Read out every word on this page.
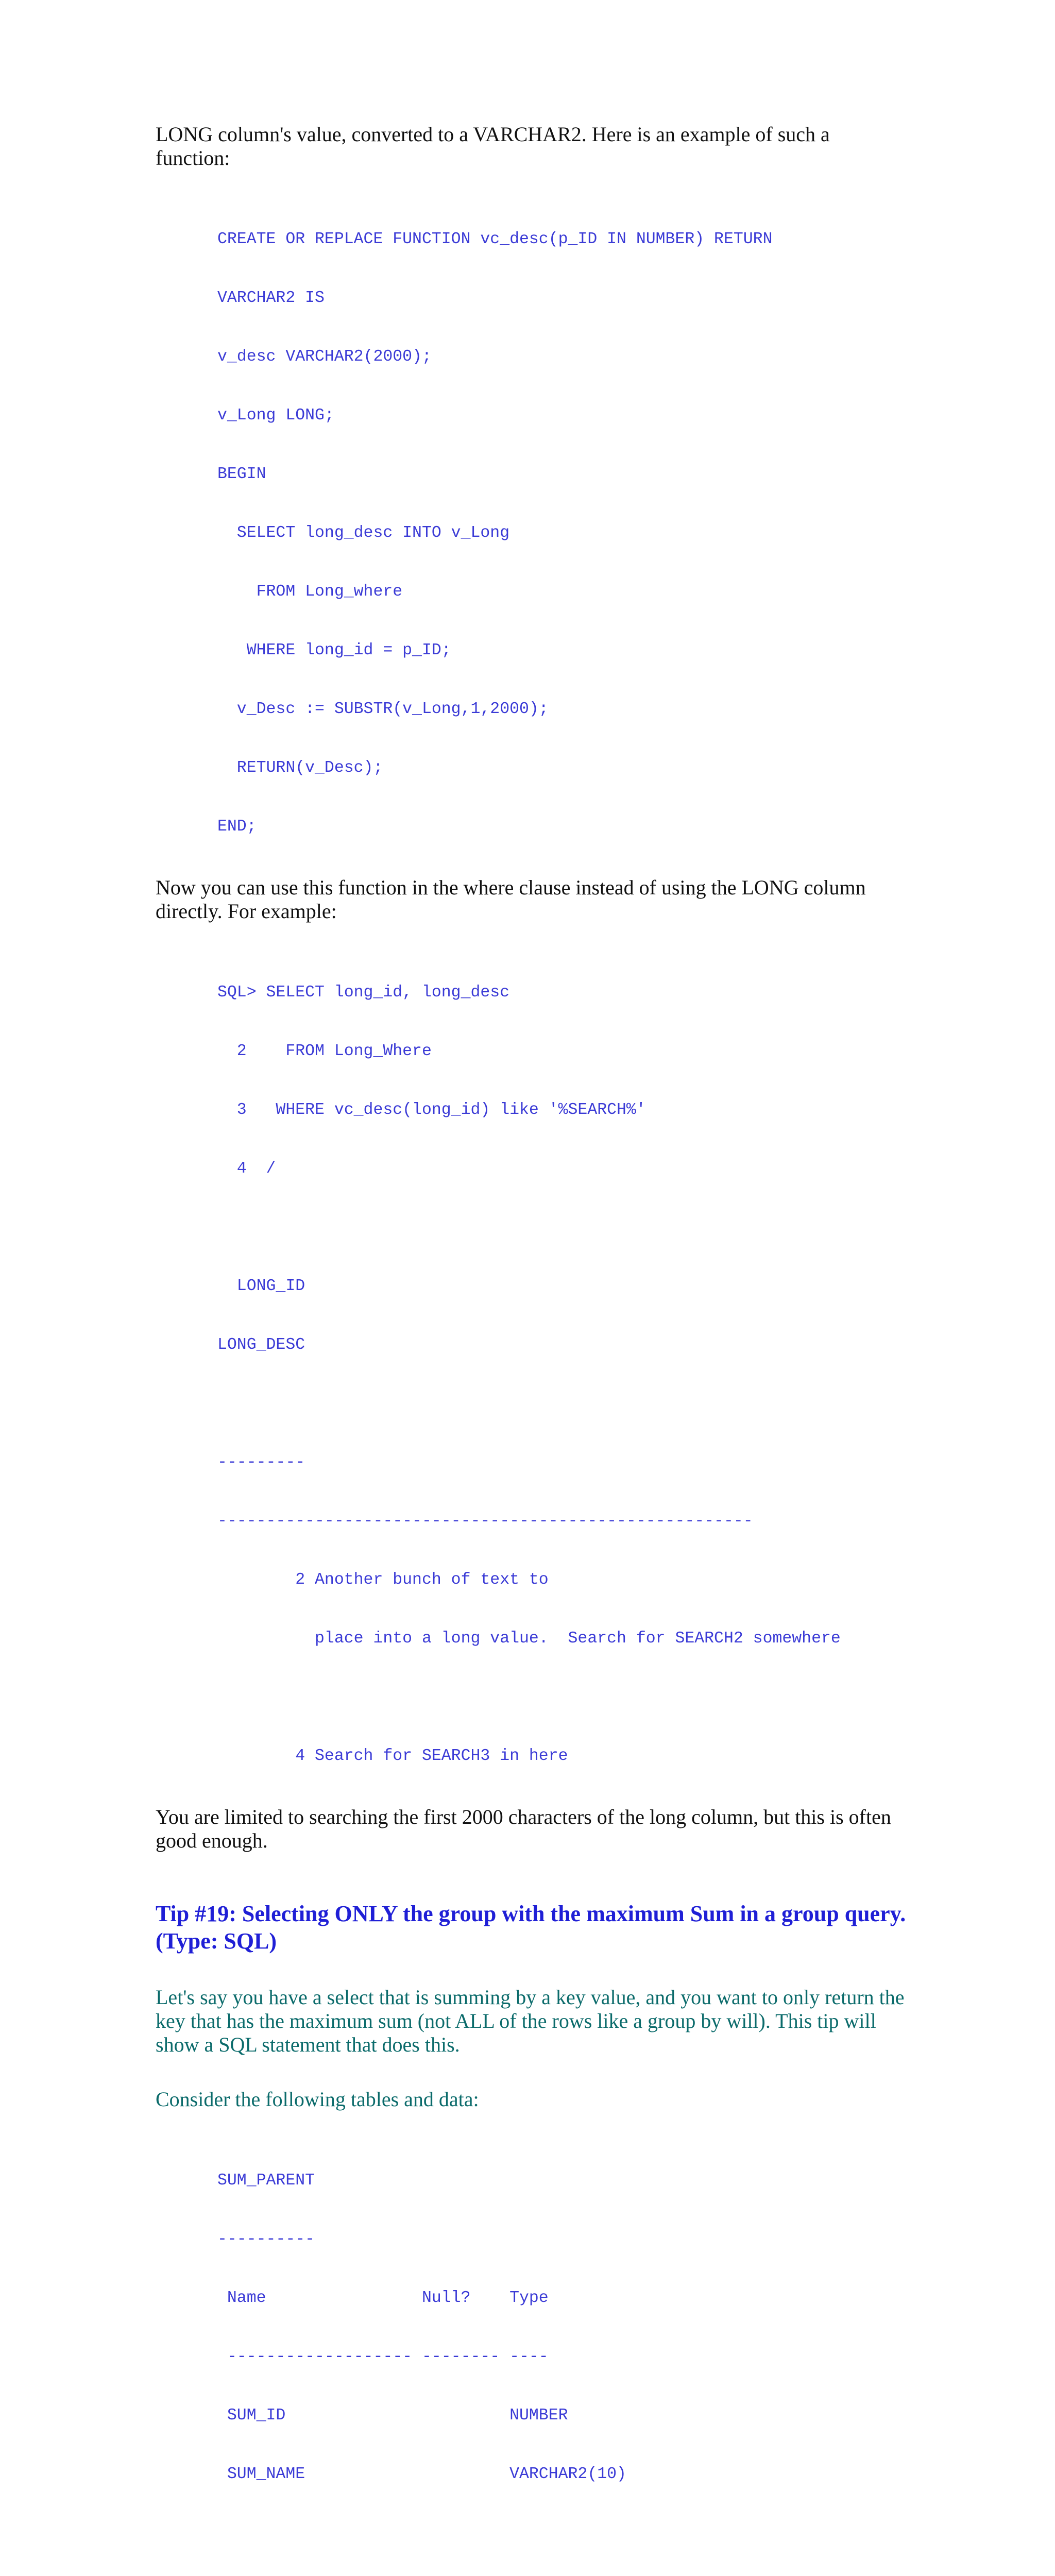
LONG column's value, converted to a VARCHAR2. Here is an example of such a function:

CREATE OR REPLACE FUNCTION vc_desc(p_ID IN NUMBER) RETURN

VARCHAR2 IS

v_desc VARCHAR2(2000);

v_Long LONG;

BEGIN

SELECT long_desc INTO v_Long

FROM Long_where

WHERE long_id = p_ID;

v_Desc := SUBSTR(v_Long,1,2000);

RETURN(v_Desc);

END;

Now you can use this function in the where clause instead of using the LONG column directly. For example:

SQL> SELECT long_id, long_desc

2    FROM Long_Where

3   WHERE vc_desc(long_id) like '%SEARCH%'

4  /

LONG_ID

LONG_DESC

---------

-------------------------------------------------------

2 Another bunch of text to

place into a long value.  Search for SEARCH2 somewhere

4 Search for SEARCH3 in here

You are limited to searching the first 2000 characters of the long column, but this is often good enough.

Tip #19: Selecting ONLY the group with the maximum Sum in a group query. (Type: SQL)

Let's say you have a select that is summing by a key value, and you want to only return the key that has the maximum sum (not ALL of the rows like a group by will). This tip will show a SQL statement that does this.

Consider the following tables and data:

SUM_PARENT

----------

Name                Null?    Type

------------------- -------- ----

SUM_ID                       NUMBER

SUM_NAME                     VARCHAR2(10)
